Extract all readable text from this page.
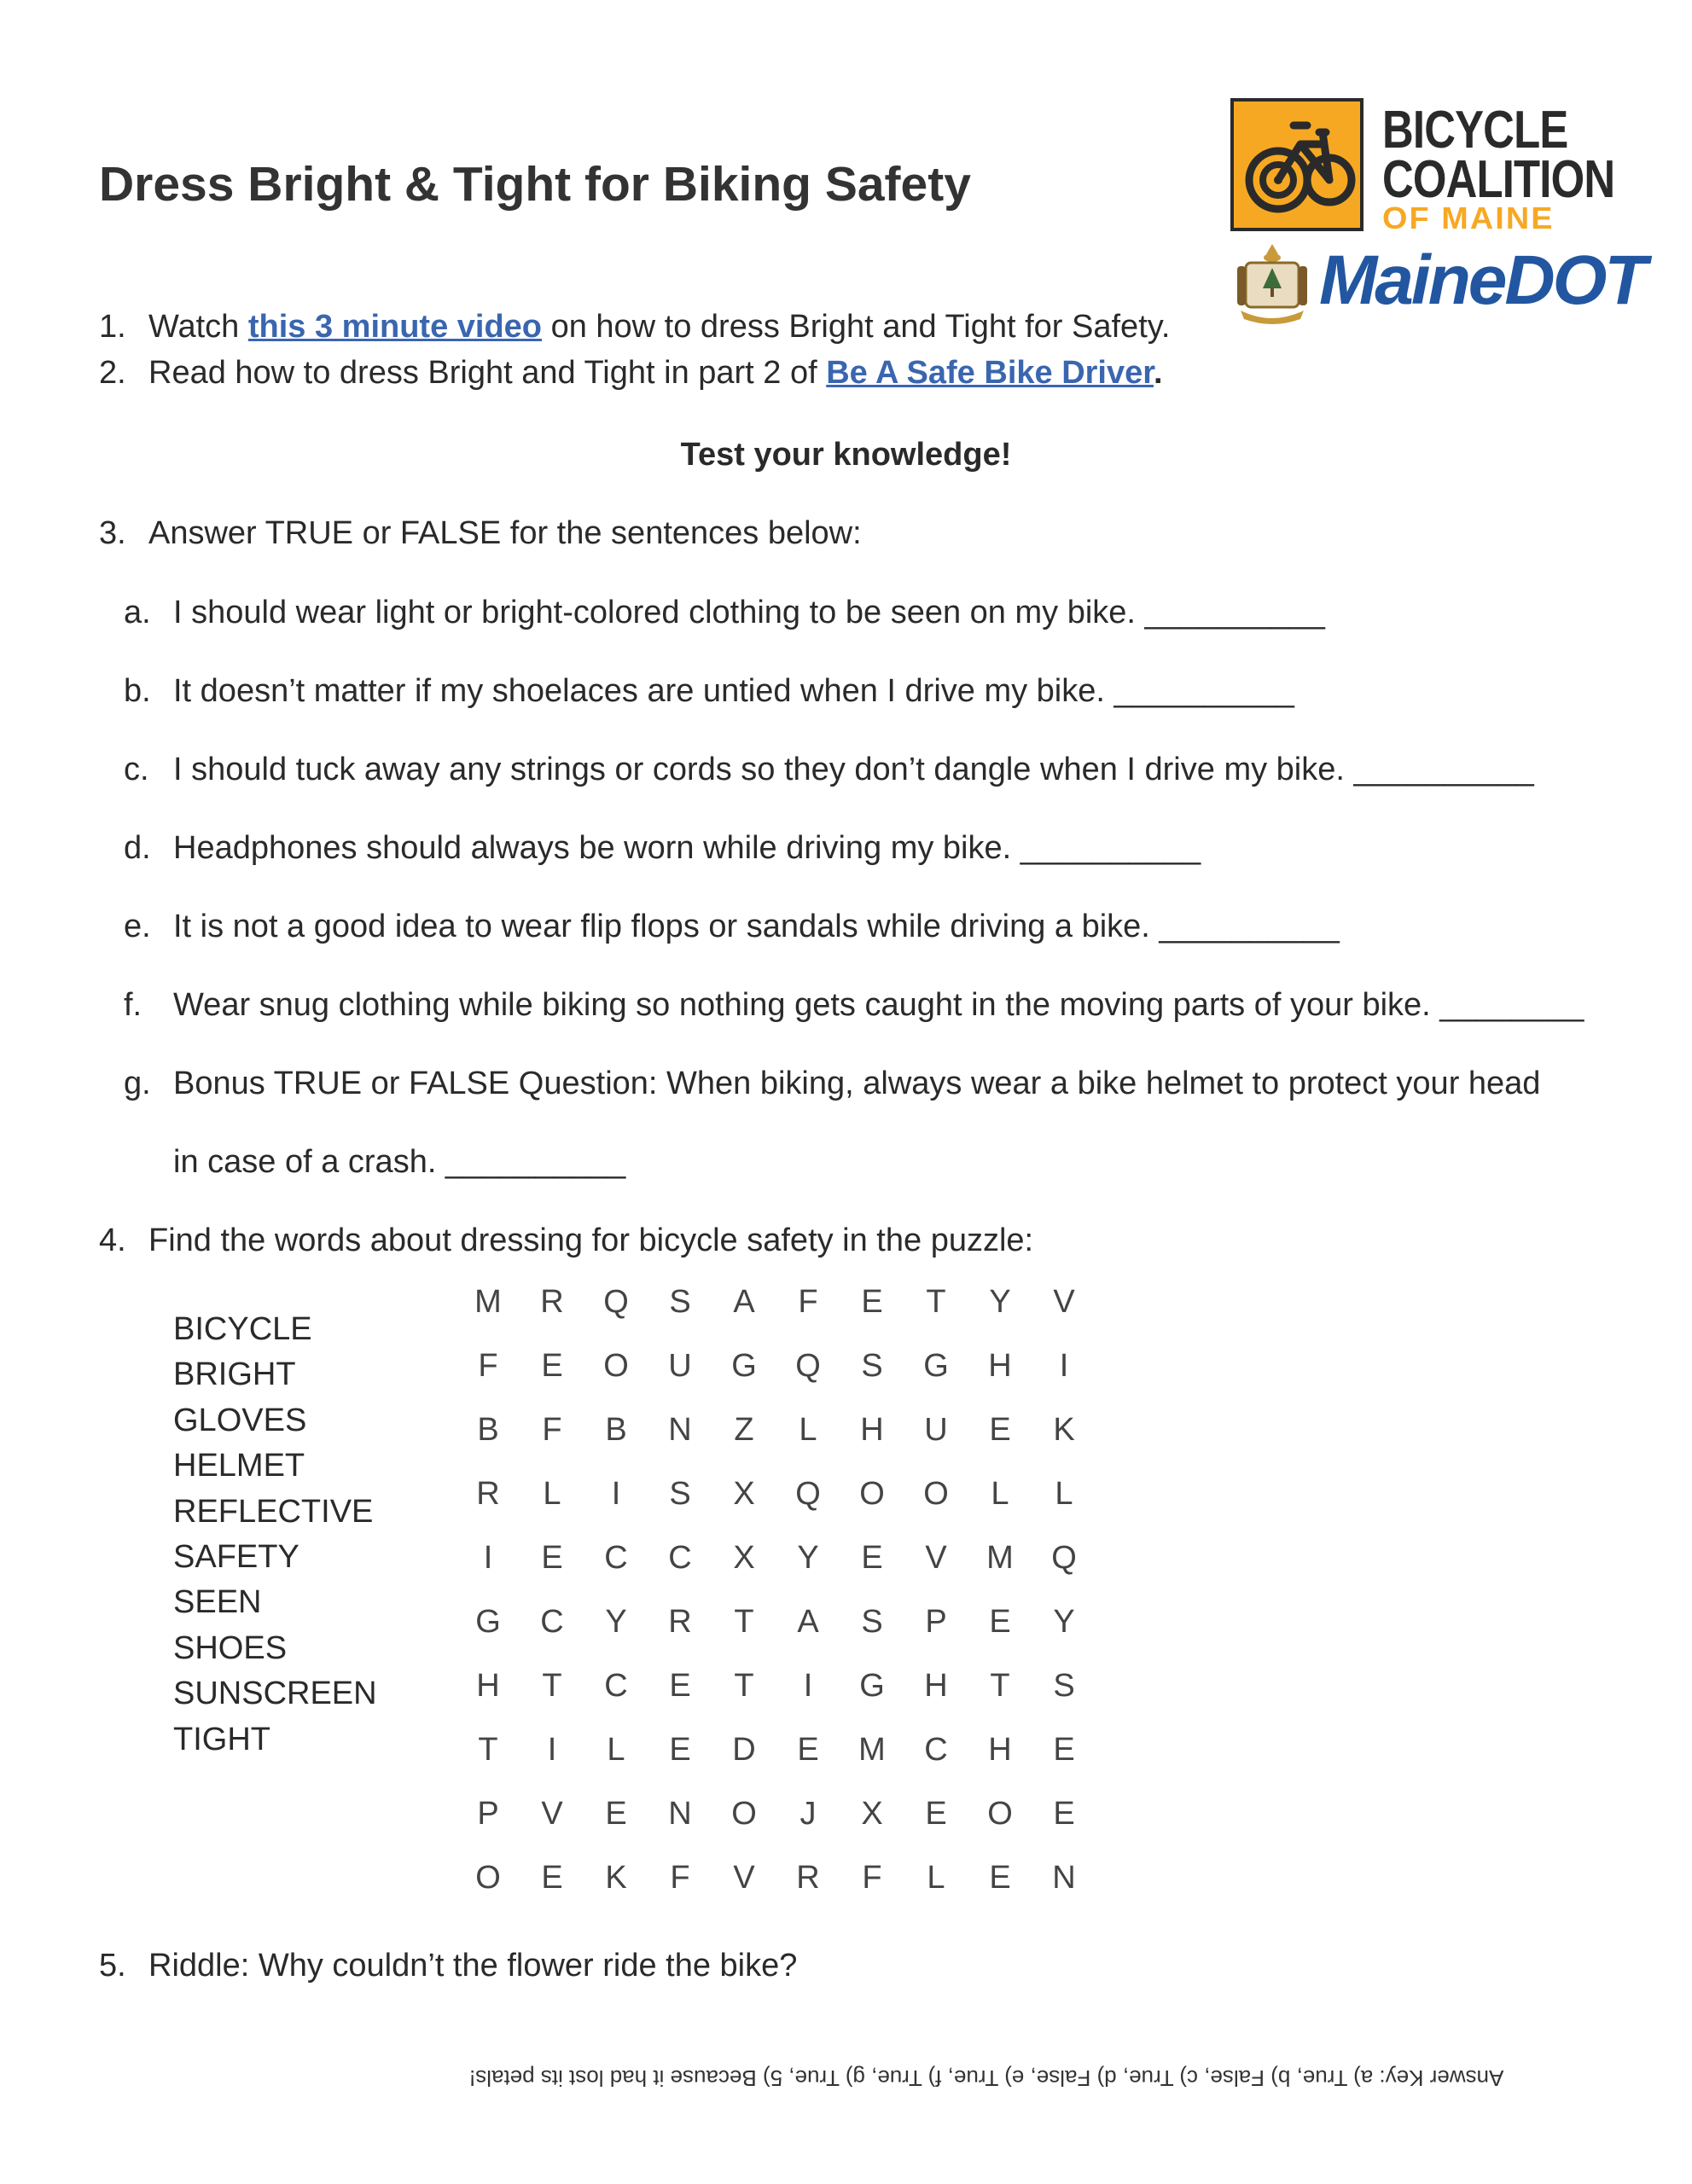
Dress Bright & Tight for Biking Safety
BICYCLE
COALITION
OF MAINE
MaineDOT
1. Watch this 3 minute video on how to dress Bright and Tight for Safety.
2. Read how to dress Bright and Tight in part 2 of Be A Safe Bike Driver.
Test your knowledge!
3. Answer TRUE or FALSE for the sentences below:
a. I should wear light or bright-colored clothing to be seen on my bike. __________
b. It doesn’t matter if my shoelaces are untied when I drive my bike. __________
c. I should tuck away any strings or cords so they don’t dangle when I drive my bike. __________
d. Headphones should always be worn while driving my bike. __________
e. It is not a good idea to wear flip flops or sandals while driving a bike. __________
f. Wear snug clothing while biking so nothing gets caught in the moving parts of your bike. ________
g. Bonus TRUE or FALSE Question: When biking, always wear a bike helmet to protect your head
in case of a crash. __________
4. Find the words about dressing for bicycle safety in the puzzle:
BICYCLE
BRIGHT
GLOVES
HELMET
REFLECTIVE
SAFETY
SEEN
SHOES
SUNSCREEN
TIGHT
M	R	Q	S	A	F	E	T	Y	V
F	E	O	U	G	Q	S	G	H	I
B	F	B	N	Z	L	H	U	E	K
R	L	I	S	X	Q	O	O	L	L
I	E	C	C	X	Y	E	V	M	Q
G	C	Y	R	T	A	S	P	E	Y
H	T	C	E	T	I	G	H	T	S
T	I	L	E	D	E	M	C	H	E
P	V	E	N	O	J	X	E	O	E
O	E	K	F	V	R	F	L	E	N
5. Riddle: Why couldn’t the flower ride the bike?
Answer Key: a) True, b) False, c) True, d) False, e) True, f) True, g) True, 5) Because it had lost its petals!
